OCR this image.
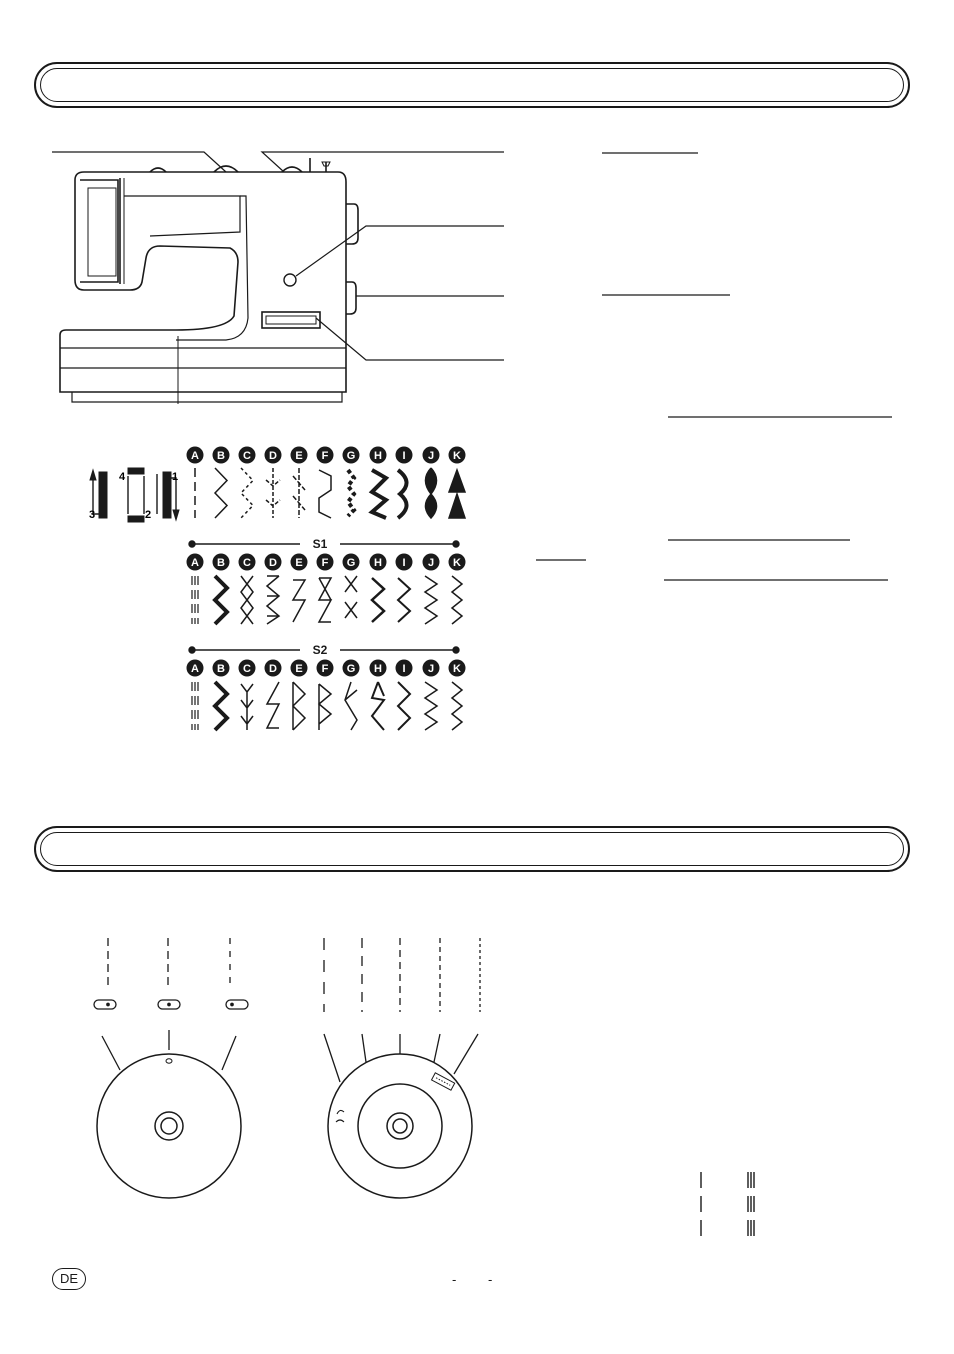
1
2
3
4
A B C D E F G H I J K
A B C D E F G H I J K
A B C D E F G H I J K
S1
S2
DE	- -
